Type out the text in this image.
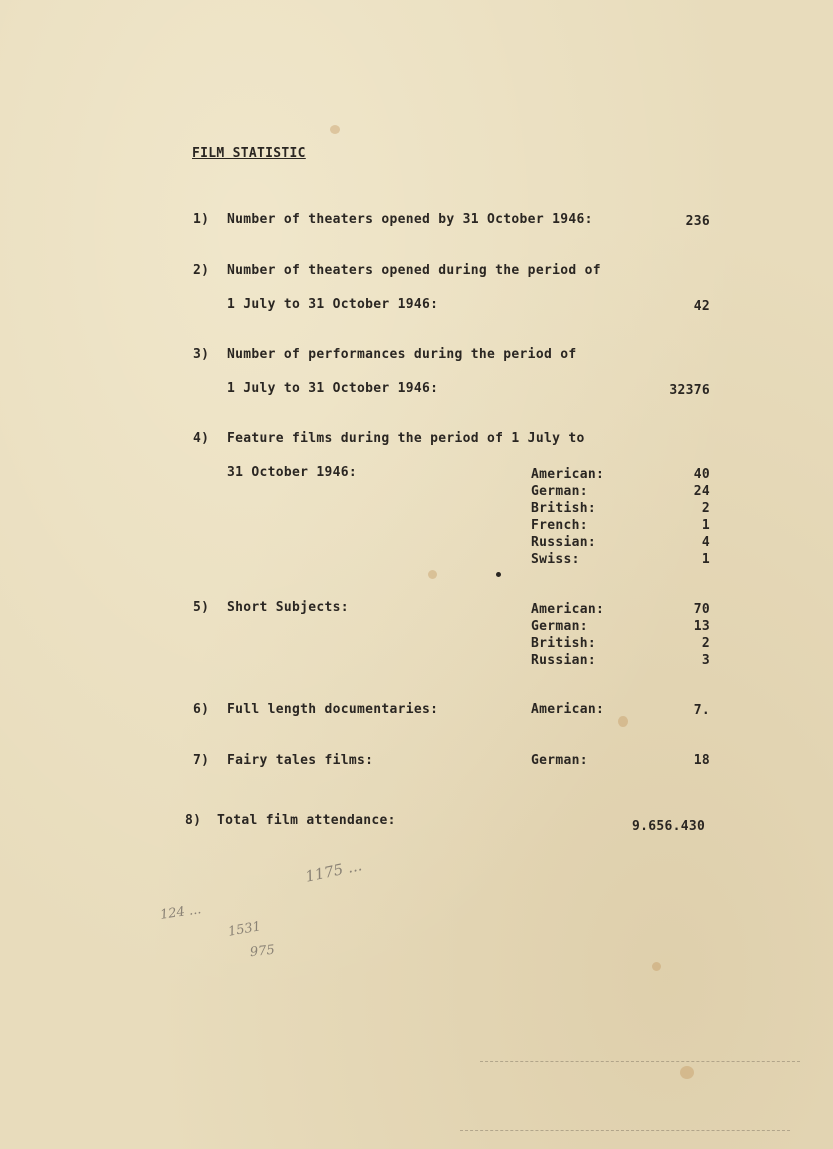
FILM STATISTIC
1) Number of theaters opened by 31 October 1946:	236
2) Number of theaters opened during the period of
1 July to 31 October 1946:	42
3) Number of performances during the period of
1 July to 31 October 1946:	32376
4) Feature films during the period of 1 July to
31 October 1946:	American:	40
German:	24
British:	2
French:	1
Russian:	4
Swiss:	1
5) Short Subjects:	American:	70
German:	13
British:	2
Russian:	3
6) Full length documentaries:	American:	7.
7) Fairy tales films:	German:	18
8) Total film attendance:	9.656.430
1175 ...
124 ...
1531
975
